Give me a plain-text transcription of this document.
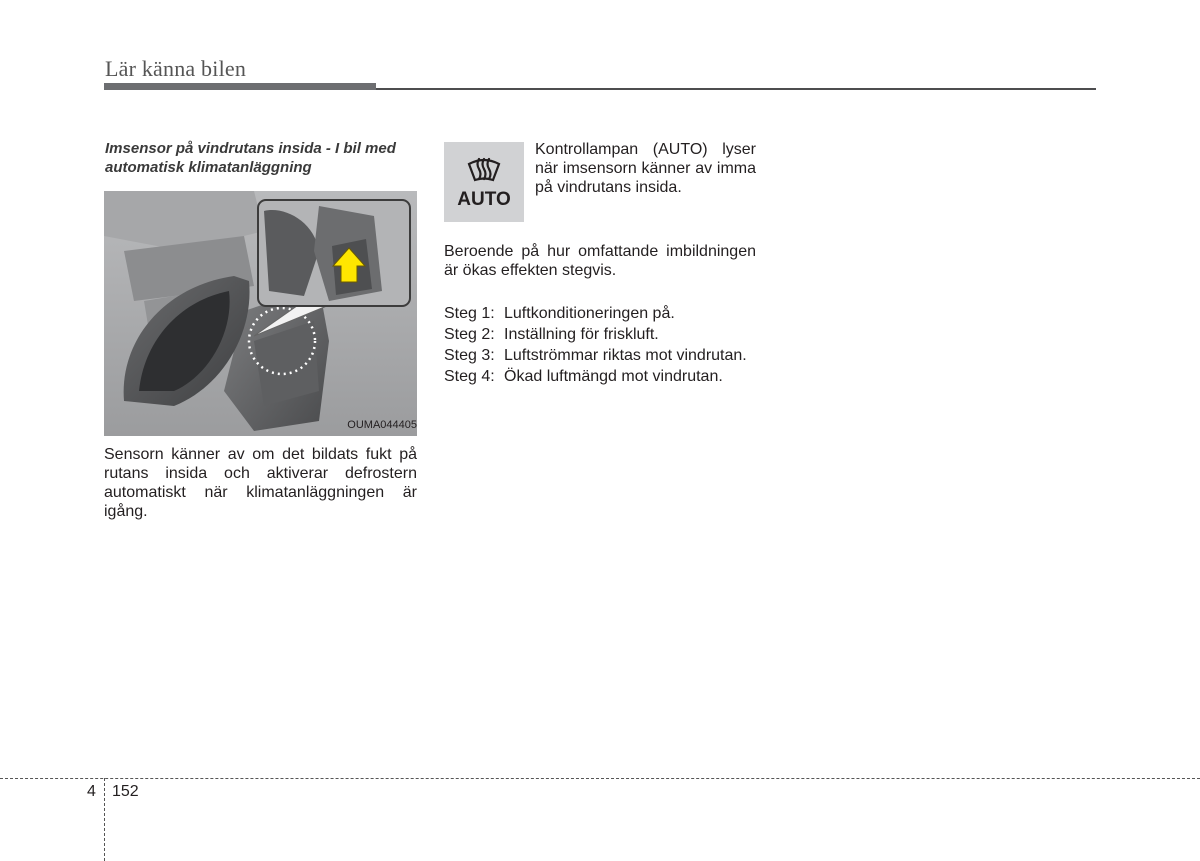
Lär känna bilen
Imsensor på vindrutans insida - I bil med automatisk klimatanläggning
OUMA044405
Sensorn känner av om det bildats fukt på rutans insida och aktiverar defrostern automatiskt när klimatanläggningen är igång.
AUTO
Kontrollampan (AUTO) lyser när imsensorn känner av imma på vindrutans insida.
Beroende på hur omfattande imbildningen är ökas effekten stegvis.
Steg 1: Luftkonditioneringen på.
Steg 2: Inställning för friskluft.
Steg 3: Luftströmmar riktas mot vindrutan.
Steg 4: Ökad luftmängd mot vindrutan.
4 152
